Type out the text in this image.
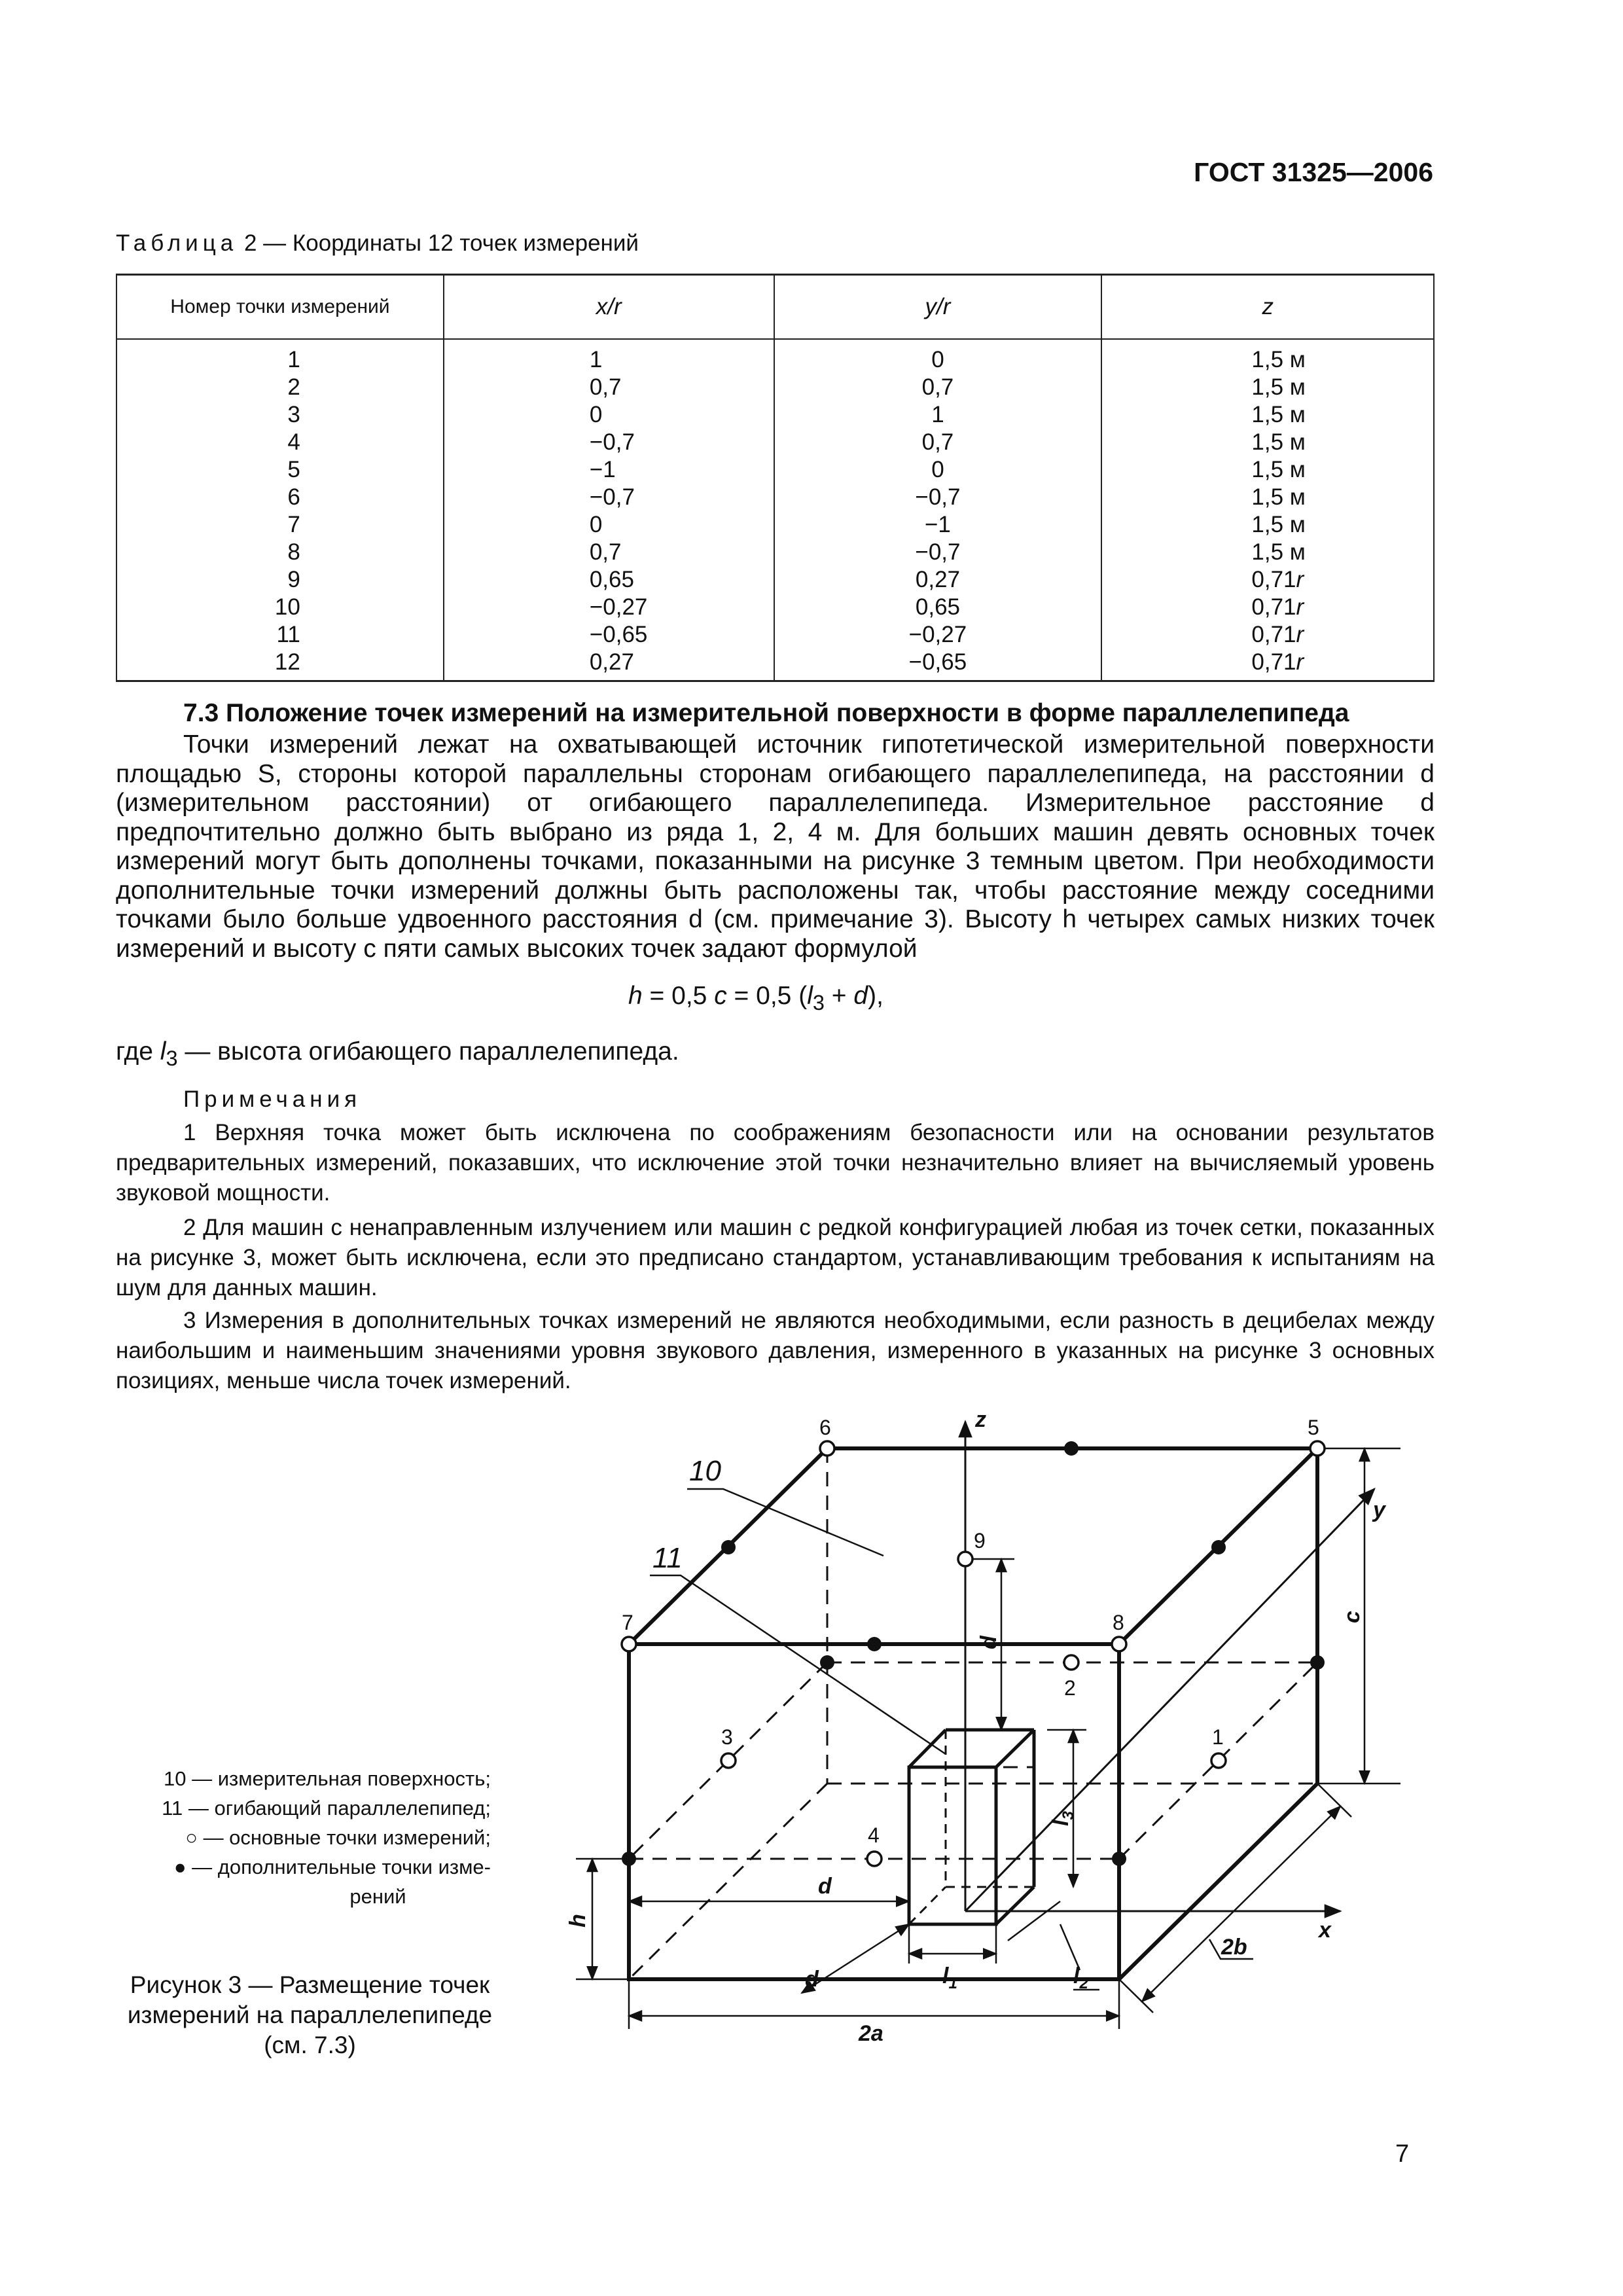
ГОСТ 31325—2006
Таблица 2 — Координаты 12 точек измерений
Номер точки измерений	x/r	y/r	z
1	1	0	1,5 м
2	0,7	0,7	1,5 м
3	0	1	1,5 м
4	−0,7	0,7	1,5 м
5	−1	0	1,5 м
6	−0,7	−0,7	1,5 м
7	0	−1	1,5 м
8	0,7	−0,7	1,5 м
9	0,65	0,27	0,71r
10	−0,27	0,65	0,71r
11	−0,65	−0,27	0,71r
12	0,27	−0,65	0,71r
7.3 Положение точек измерений на измерительной поверхности в форме параллелепипеда

Точки измерений лежат на охватывающей источник гипотетической измерительной поверхности площадью S, стороны которой параллельны сторонам огибающего параллелепипеда, на расстоянии d (измерительном расстоянии) от огибающего параллелепипеда. Измерительное расстояние d предпочтительно должно быть выбрано из ряда 1, 2, 4 м. Для больших машин девять основных точек измерений могут быть дополнены точками, показанными на рисунке 3 темным цветом. При необходимости дополнительные точки измерений должны быть расположены так, чтобы расстояние между соседними точками было больше удвоенного расстояния d (см. примечание 3). Высоту h четырех самых низких точек измерений и высоту c пяти самых высоких точек задают формулой

h = 0,5 c = 0,5 $(l_3 + d)$,
где $l_3$ — высота огибающего параллелепипеда.
Примечания

1 Верхняя точка может быть исключена по соображениям безопасности или на основании результатов предварительных измерений, показавших, что исключение этой точки незначительно влияет на вычисляемый уровень звуковой мощности.

2 Для машин с ненаправленным излучением или машин с редкой конфигурацией любая из точек сетки, показанных на рисунке 3, может быть исключена, если это предписано стандартом, устанавливающим требования к испытаниям на шум для данных машин.

3 Измерения в дополнительных точках измерений не являются необходимыми, если разность в децибелах между наибольшим и наименьшим значениями уровня звукового давления, измеренного в указанных на рисунке 3 основных позициях, меньше числа точек измерений.

10 — измерительная поверхность;
11 — огибающий параллелепипед;
○ — основные точки измерений;
● — дополнительные точки изме-
рений
Рисунок 3 — Размещение точек измерений на параллелепипеде (см. 7.3)
1
2
3
4
5
6
7	8
9
10
11
z
x
y
d
d
d
c
h
2a
2b
$l_1$	$l_2$
$l_3$
7
